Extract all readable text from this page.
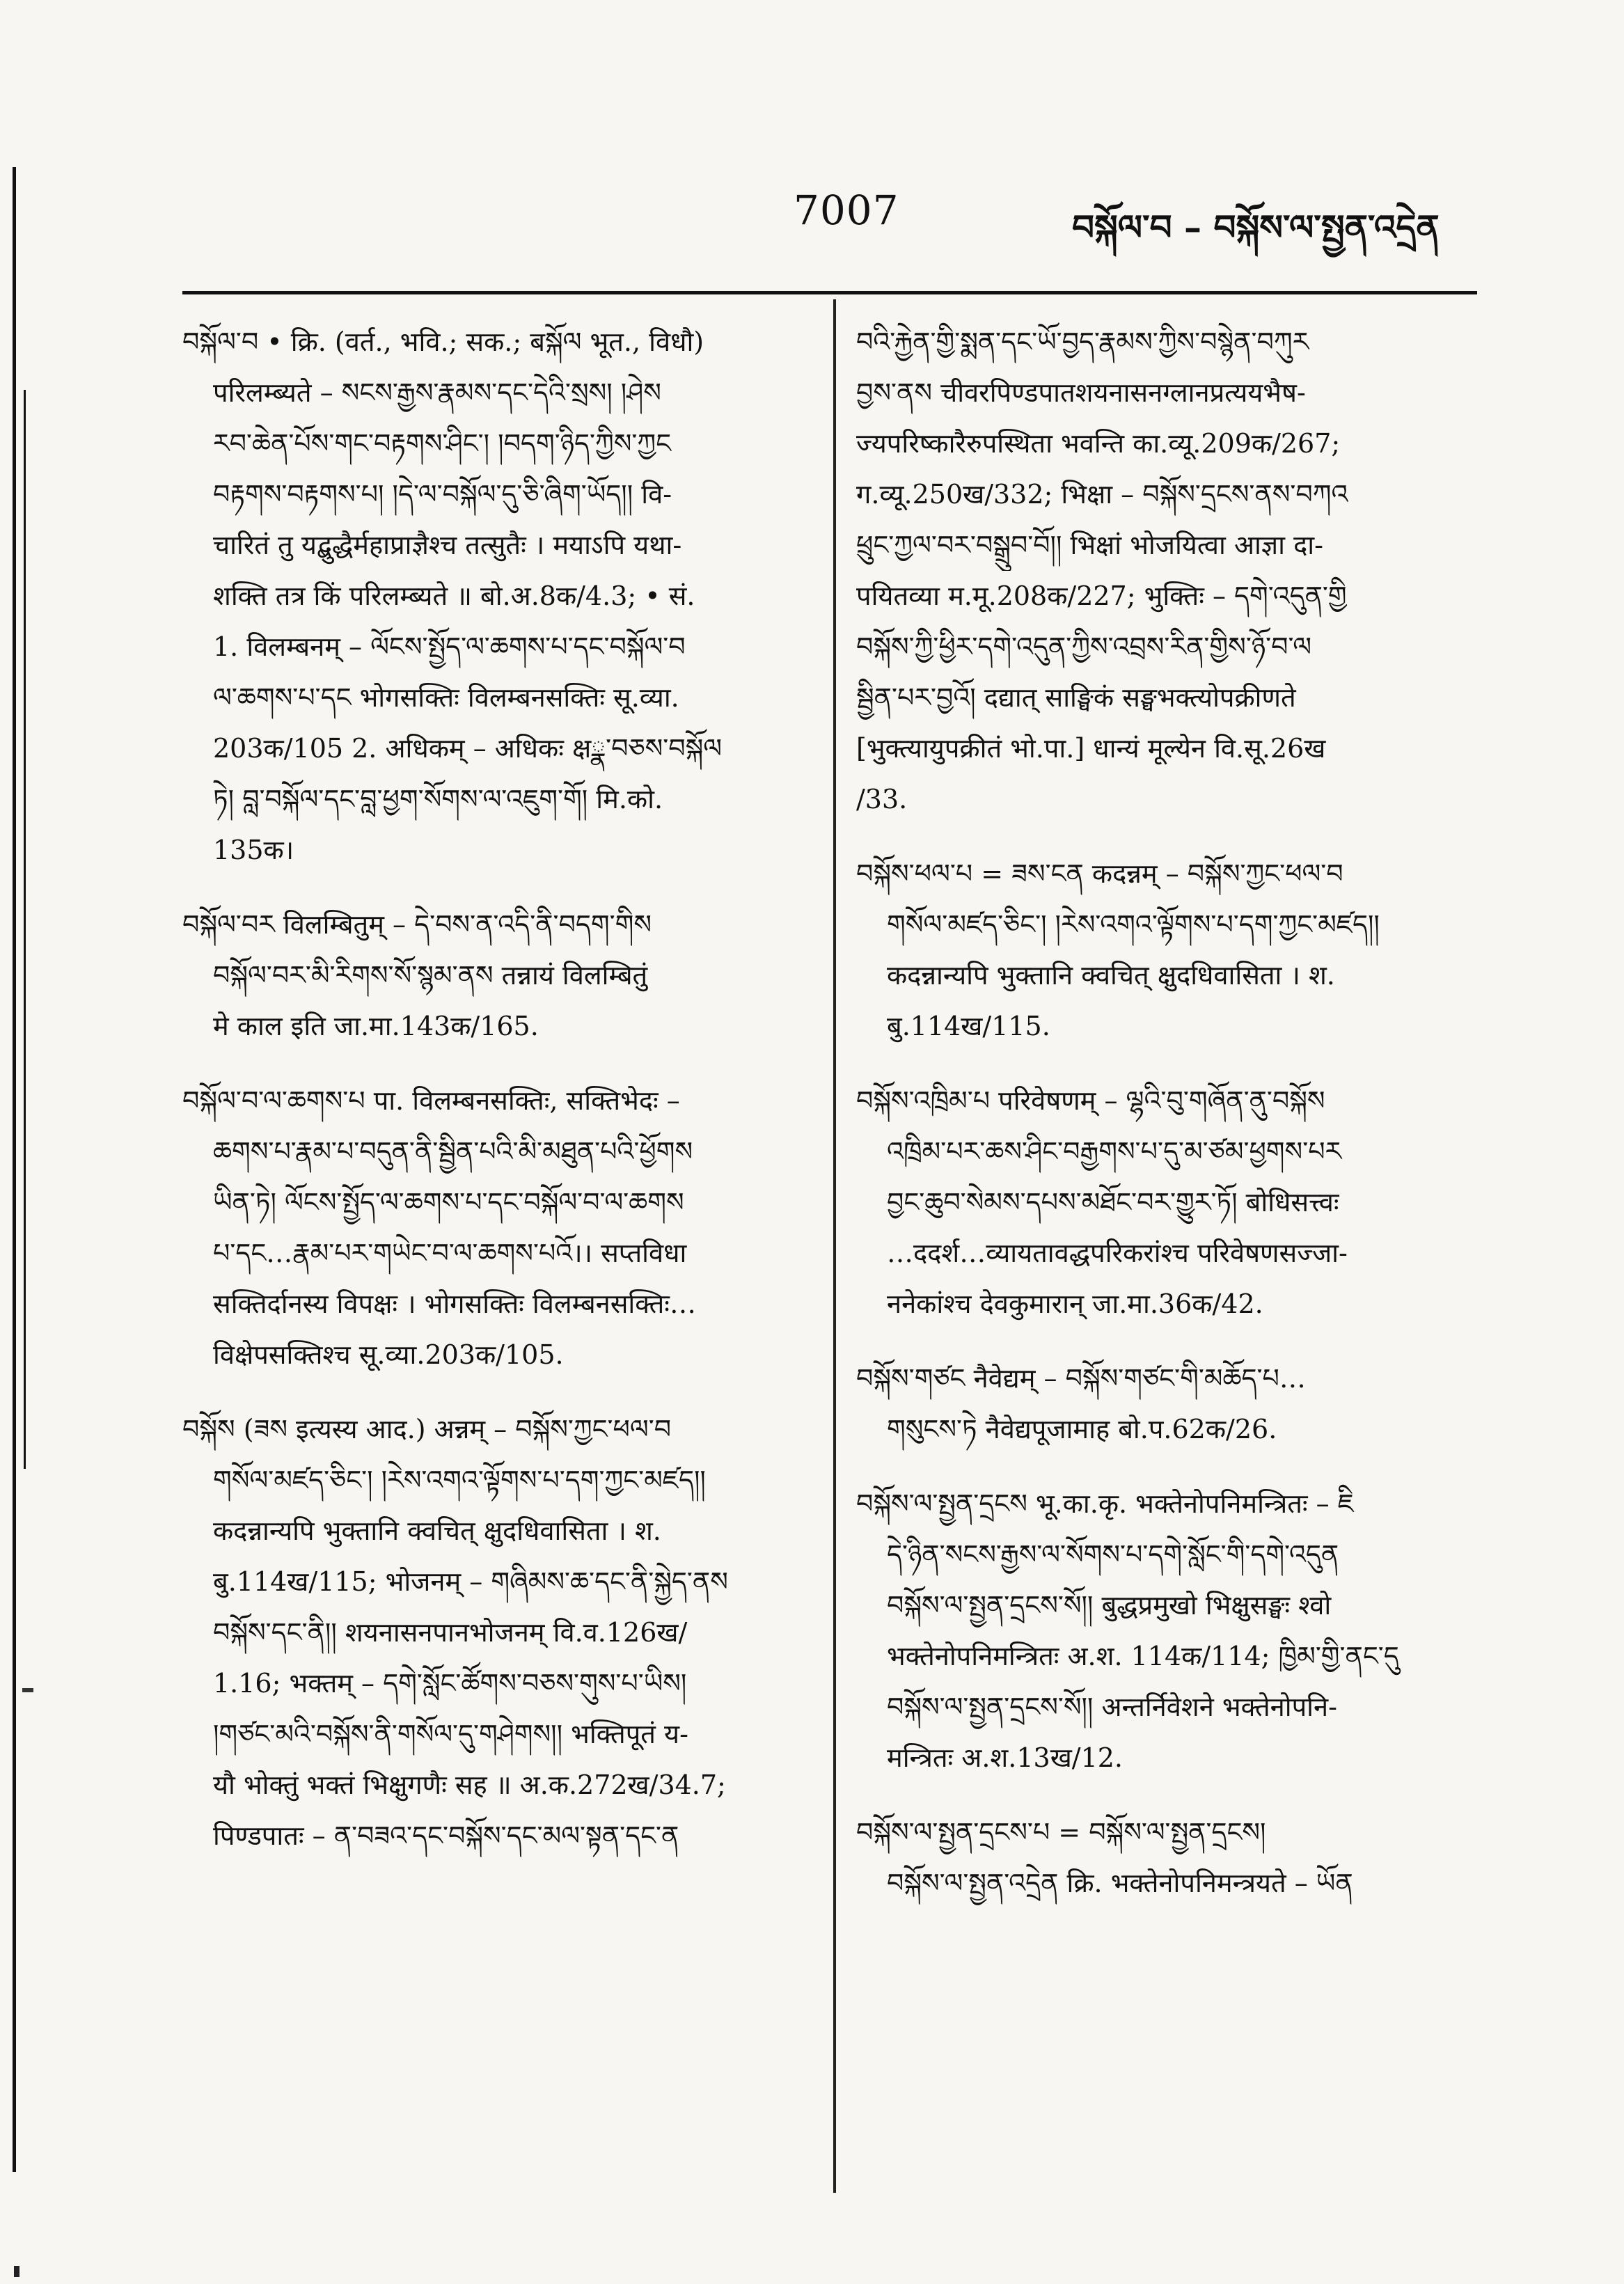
7007	བསྐོལ་བ – བསྐོས་ལ་སྤྱན་འདྲེན
བསྐོལ་བ • क्रि. (वर्त., भवि.; सक.; बསྐོལ भूत., विधौ)
परिलम्ब्यते – སངས་རྒྱས་རྣམས་དང་དེའི་སྲས། །ཤེས
རབ་ཆེན་པོས་གང་བརྟགས་ཤིང་། །བདག་ཉིད་ཀྱིས་ཀྱང
བརྟགས་བརྟགས་པ། །དེ་ལ་བསྐོལ་དུ་ཅི་ཞིག་ཡོད།། वि-
चारितं तु यद्बुद्धैर्महाप्राज्ञैश्च तत्सुतैः । मयाऽपि यथा-
शक्ति तत्र किं परिलम्ब्यते ॥ बो.अ.8क/4.3; • सं.
1. विलम्बनम् – ལོངས་སྤྱོད་ལ་ཆགས་པ་དང་བསྐོལ་བ
ལ་ཆགས་པ་དང भोगसक्तिः विलम्बनसक्तिः सू.व्या.
203क/105 2. अधिकम् – अधिकः क्षྣ་བཅས་བསྐོལ
ཏེ། བླ་བསྐོལ་དང་བླ་ཕྱག་སོགས་ལ་འཇུག་གོ། मि.को.
135क।
བསྐོལ་བར विलम्बितुम् – དེ་བས་ན་འདི་ནི་བདག་གིས
བསྐོལ་བར་མི་རིགས་སོ་སྙམ་ནས तन्नायं विलम्बितुं
मे काल इति जा.मा.143क/165.
བསྐོལ་བ་ལ་ཆགས་པ पा. विलम्बनसक्तिः, सक्तिभेदः –
ཆགས་པ་རྣམ་པ་བདུན་ནི་སྦྱིན་པའི་མི་མཐུན་པའི་ཕྱོགས
ཡིན་ཏེ། ལོངས་སྤྱོད་ལ་ཆགས་པ་དང་བསྐོལ་བ་ལ་ཆགས
པ་དང…རྣམ་པར་གཡེང་བ་ལ་ཆགས་པའོ।। सप्तविधा
सक्तिर्दानस्य विपक्षः । भोगसक्तिः विलम्बनसक्तिः…
विक्षेपसक्तिश्च सू.व्या.203क/105.
བསྐོས (ཟས इत्यस्य आद.) अन्नम् – བསྐོས་ཀྱང་ཕལ་བ
གསོལ་མཛད་ཅིང་། །རེས་འགའ་ལྟོགས་པ་དག་ཀྱང་མཛད།།
कदन्नान्यपि भुक्तानि क्वचित् क्षुदधिवासिता । श.
बु.114ख/115; भोजनम् – གཞིམས་ཆ་དང་ནི་སྐྱེད་ནས
བསྐོས་དང་ནི།། शयनासनपानभोजनम् वि.व.126ख/
1.16; भक्तम् – དགེ་སློང་ཚོགས་བཅས་གུས་པ་ཡིས།
།གཙང་མའི་བསྐོས་ནི་གསོལ་དུ་གཤེགས།། भक्तिपूतं य-
यौ भोक्तुं भक्तं भिक्षुगणैः सह ॥ अ.क.272ख/34.7;
पिण्डपातः – ན་བཟའ་དང་བསྐོས་དང་མལ་སྟན་དང་ན
བའི་རྐྱེན་གྱི་སྨན་དང་ཡོ་བྱད་རྣམས་ཀྱིས་བསྙེན་བཀུར
བྱས་ནས चीवरपिण्डपातशयनासनग्लानप्रत्ययभैष-
ज्यपरिष्कारैरुपस्थिता भवन्ति का.व्यू.209क/267;
ग.व्यू.250ख/332; भिक्षा – བསྐོས་དྲངས་ནས་བཀའ
ཕྲུང་ཀྱལ་བར་བསྒྲུབ་བོ།། भिक्षां भोजयित्वा आज्ञा दा-
पयितव्या म.मू.208क/227; भुक्तिः – དགེ་འདུན་གྱི
བསྐོས་ཀྱི་ཕྱིར་དགེ་འདུན་ཀྱིས་འབྲས་རིན་གྱིས་ཉོ་བ་ལ
སྦྱིན་པར་བྱའོ། दद्यात् साङ्घिकं सङ्घभक्त्योपक्रीणते
[भुक्त्यायुपक्रीतं भो.पा.] धान्यं मूल्येन वि.सू.26ख
/33.
བསྐོས་ཕལ་པ = ཟས་ངན कदन्नम् – བསྐོས་ཀྱང་ཕལ་བ
གསོལ་མཛད་ཅིང་། །རེས་འགའ་ལྟོགས་པ་དག་ཀྱང་མཛད།།
कदन्नान्यपि भुक्तानि क्वचित् क्षुदधिवासिता । श.
बु.114ख/115.
བསྐོས་འཁྲིམ་པ परिवेषणम् – ལྷའི་བུ་གཞོན་ནུ་བསྐོས
འཁྲིམ་པར་ཆས་ཤིང་བརྒྱགས་པ་དུ་མ་ཙམ་ཕྱགས་པར
བྱང་ཆུབ་སེམས་དཔས་མཐོང་བར་གྱུར་ཏོ། बोधिसत्त्वः
…ददर्श…व्यायतावद्धपरिकरांश्च परिवेषणसज्जा-
ननेकांश्च देवकुमारान् जा.मा.36क/42.
བསྐོས་གཙང नैवेद्यम् – བསྐོས་གཙང་གི་མཆོད་པ…
གསུངས་ཏེ नैवेद्यपूजामाह बो.प.62क/26.
བསྐོས་ལ་སྤྱན་དྲངས भू.का.कृ. भक्तेनोपनिमन्त्रितः – ཇི
དེ་ཉིན་སངས་རྒྱས་ལ་སོགས་པ་དགེ་སློང་གི་དགེ་འདུན
བསྐོས་ལ་སྤྱན་དྲངས་སོ།། बुद्धप्रमुखो भिक्षुसङ्घः श्वो
भक्तेनोपनिमन्त्रितः अ.श. 114क/114; ཁྱིམ་གྱི་ནང་དུ
བསྐོས་ལ་སྤྱན་དྲངས་སོ།། अन्तर्निवेशने भक्तेनोपनि-
मन्त्रितः अ.श.13ख/12.
བསྐོས་ལ་སྤྱན་དྲངས་པ = བསྐོས་ལ་སྤྱན་དྲངས།
བསྐོས་ལ་སྤྱན་འདྲེན क्रि. भक्तेनोपनिमन्त्रयते – ཡོན
